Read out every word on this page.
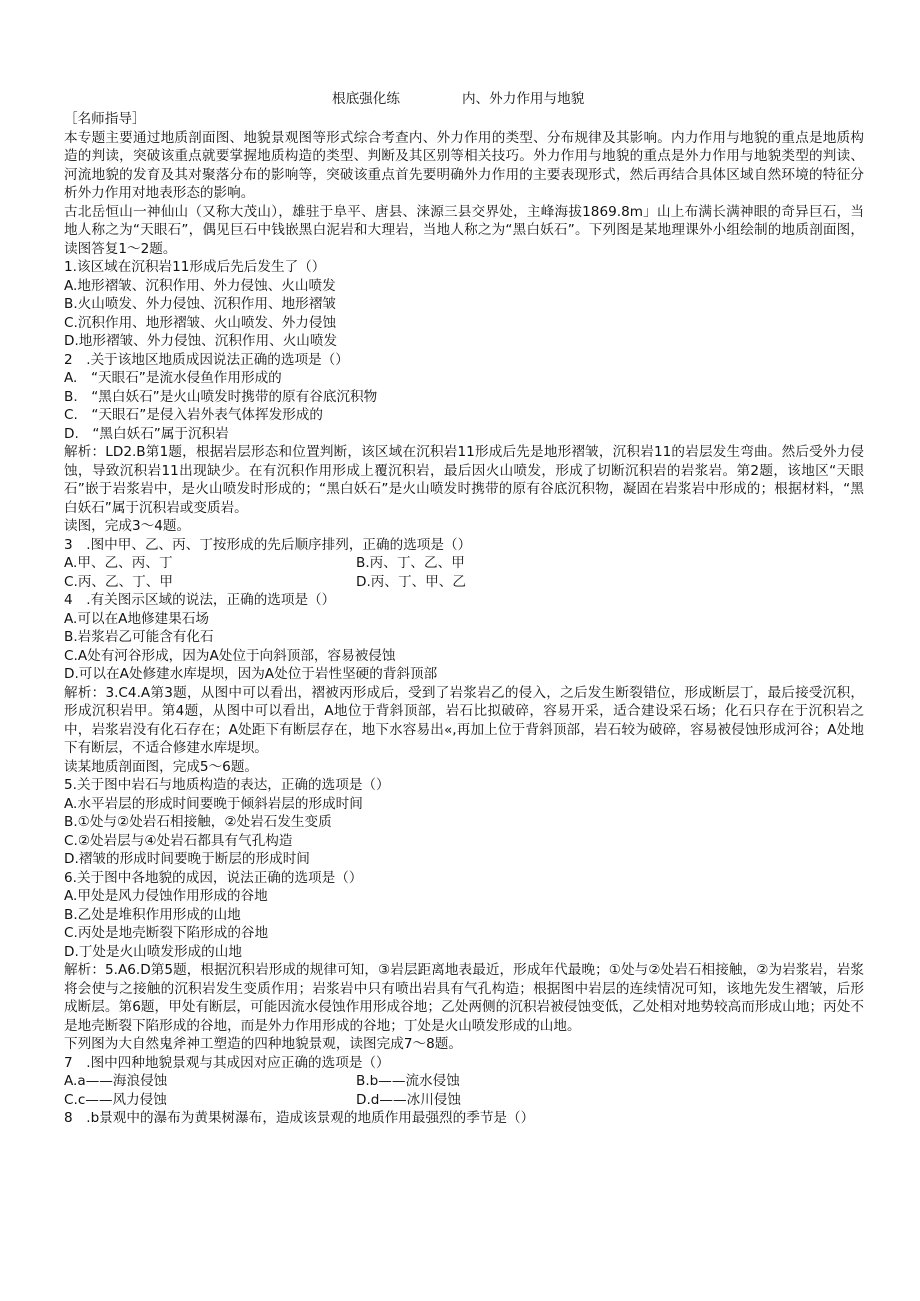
根底强化练	内、外力作用与地貌
［名师指导］
本专题主要通过地质剖面图、地貌景观图等形式综合考查内、外力作用的类型、分布规律及其影响。内力作用与地貌的重点是地质构造的判读，突破该重点就要掌握地质构造的类型、判断及其区别等相关技巧。外力作用与地貌的重点是外力作用与地貌类型的判读、河流地貌的发育及其对聚落分布的影响等，突破该重点首先要明确外力作用的主要表现形式，然后再结合具体区域自然环境的特征分析外力作用对地表形态的影响。
古北岳恒山一神仙山（又称大茂山），雄驻于阜平、唐县、涞源三县交界处，主峰海拔1869.8m」山上布满长满神眼的奇异巨石，当地人称之为“天眼石”，偶见巨石中钱嵌黑白泥岩和大理岩，当地人称之为“黑白妖石”。下列图是某地理课外小组绘制的地质剖面图，读图答复1〜2题。
1.该区域在沉积岩11形成后先后发生了（）
A.地形褶皱、沉积作用、外力侵蚀、火山喷发
B.火山喷发、外力侵蚀、沉积作用、地形褶皱
C.沉积作用、地形褶皱、火山喷发、外力侵蚀
D.地形褶皱、外力侵蚀、沉积作用、火山喷发
2　.关于该地区地质成因说法正确的选项是（）
A.　“天眼石”是流水侵鱼作用形成的
B.　“黑白妖石”是火山喷发时携带的原有谷底沉积物
C.　“天眼石”是侵入岩外表气体挥发形成的
D.　“黑白妖石”属于沉积岩
解析：LD2.B第1题，根据岩层形态和位置判断，该区域在沉积岩11形成后先是地形褶皱，沉积岩11的岩层发生弯曲。然后受外力侵蚀，导致沉积岩11出现缺少。在有沉积作用形成上覆沉积岩，最后因火山喷发，形成了切断沉积岩的岩浆岩。第2题，该地区“天眼石”嵌于岩浆岩中，是火山喷发时形成的；“黑白妖石”是火山喷发时携带的原有谷底沉积物，凝固在岩浆岩中形成的；根据材料，“黑白妖石”属于沉积岩或变质岩。
读图，完成3〜4题。
3　.图中甲、乙、丙、丁按形成的先后顺序排列，正确的选项是（）
A.甲、乙、丙、丁	B.丙、丁、乙、甲
C.丙、乙、丁、甲	D.丙、丁、甲、乙
4　.有关图示区域的说法，正确的选项是（）
A.可以在A地修建果石场
B.岩浆岩乙可能含有化石
C.A处有河谷形成，因为A处位于向斜顶部，容易被侵蚀
D.可以在A处修建水库堤坝，因为A处位于岩性坚硬的背斜顶部
解析：3.C4.A第3题，从图中可以看出，褶被丙形成后，受到了岩浆岩乙的侵入，之后发生断裂错位，形成断层丁，最后接受沉积，形成沉积岩甲。第4题，从图中可以看出，A地位于背斜顶部，岩石比拟破碎，容易开采，适合建设采石场；化石只存在于沉积岩之中，岩浆岩没有化石存在；A处距下有断层存在，地下水容易出«,再加上位于背斜顶部，岩石较为破碎，容易被侵蚀形成河谷；A处地下有断层，不适合修建水库堤坝。
读某地质剖面图，完成5〜6题。
5.关于图中岩石与地质构造的表达，正确的选项是（）
A.水平岩层的形成时间要晚于倾斜岩层的形成时间
B.①处与②处岩石相接触，②处岩石发生变质
C.②处岩层与④处岩石都具有气孔构造
D.褶皱的形成时间要晚于断层的形成时间
6.关于图中各地貌的成因，说法正确的选项是（）
A.甲处是风力侵蚀作用形成的谷地
B.乙处是堆积作用形成的山地
C.丙处是地壳断裂下陷形成的谷地
D.丁处是火山喷发形成的山地
解析：5.A6.D第5题，根据沉积岩形成的规律可知，③岩层距离地表最近，形成年代最晚；①处与②处岩石相接触，②为岩浆岩，岩浆将会使与之接触的沉积岩发生变质作用；岩浆岩中只有喷出岩具有气孔构造；根据图中岩层的连续情况可知，该地先发生褶皱，后形成断层。第6题，甲处有断层，可能因流水侵蚀作用形成谷地；乙处两侧的沉积岩被侵蚀变低，乙处相对地势较高而形成山地；丙处不是地壳断裂下陷形成的谷地，而是外力作用形成的谷地；丁处是火山喷发形成的山地。
下列图为大自然鬼斧神工塑造的四种地貌景观，读图完成7〜8题。
7　.图中四种地貌景观与其成因对应正确的选项是（）
A.a——海浪侵蚀	B.b——流水侵蚀
C.c——风力侵蚀	D.d——冰川侵蚀
8　.b景观中的瀑布为黄果树瀑布，造成该景观的地质作用最强烈的季节是（）
